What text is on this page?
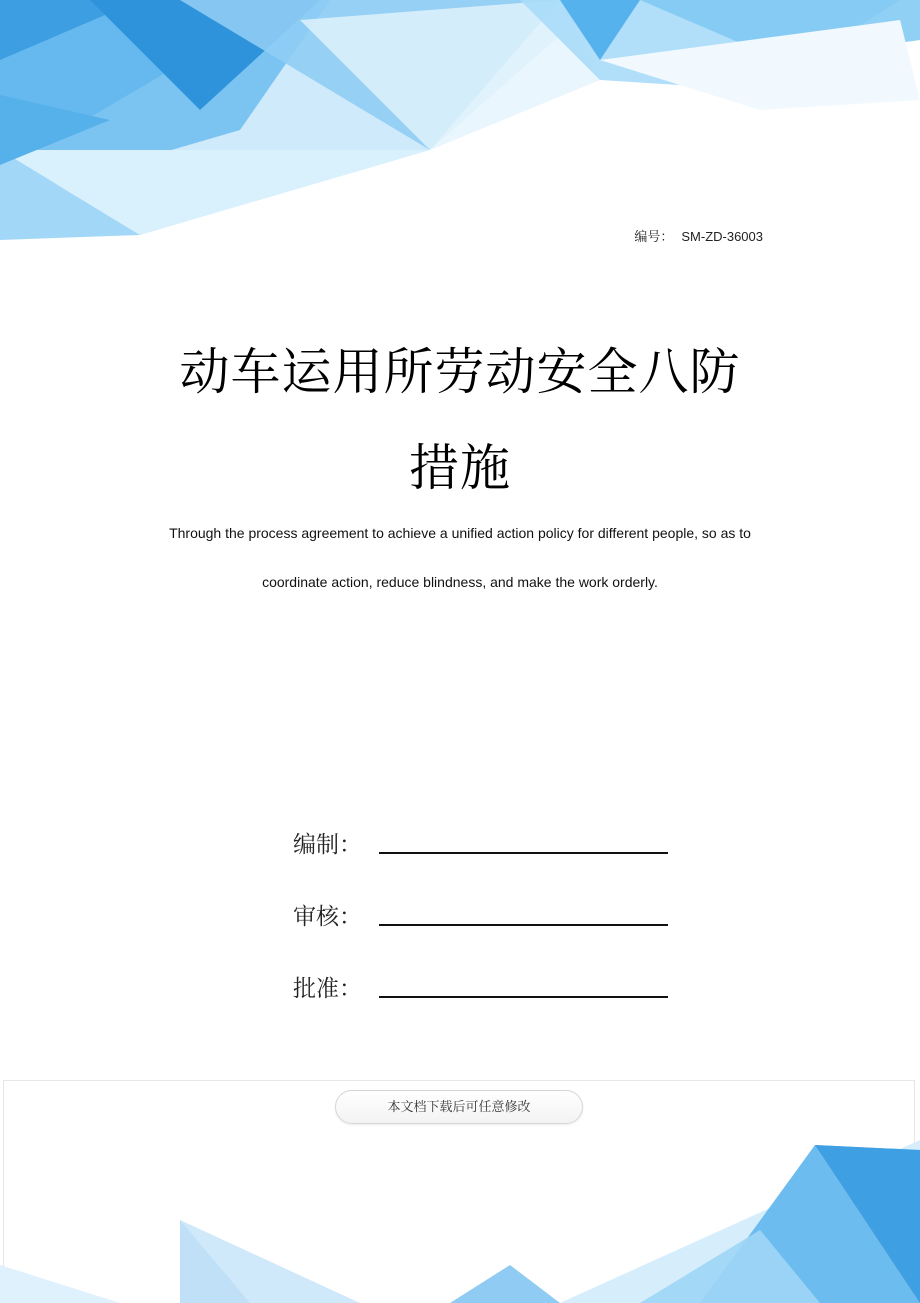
编号： SM-ZD-36003
动车运用所劳动安全八防
措施
Through the process agreement to achieve a unified action policy for different people, so as to
coordinate action, reduce blindness, and make the work orderly.
编制：
审核：
批准：
本文档下载后可任意修改
